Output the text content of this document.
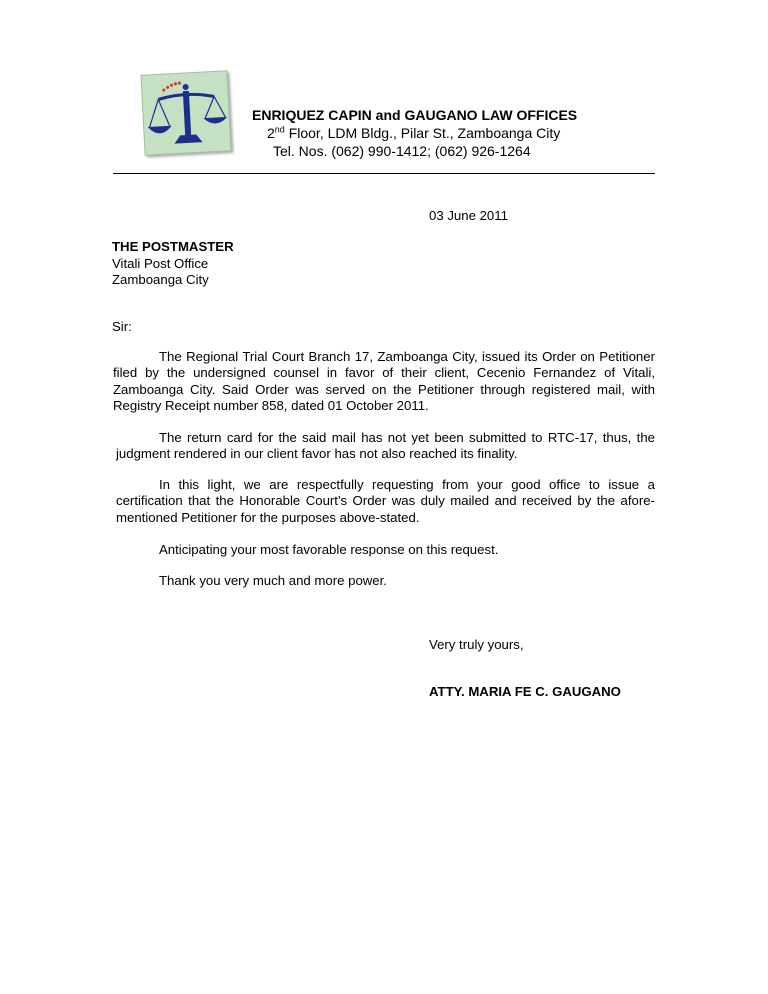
ENRIQUEZ CAPIN and GAUGANO LAW OFFICES
2nd Floor, LDM Bldg., Pilar St., Zamboanga City
Tel. Nos. (062) 990-1412; (062) 926-1264
03 June 2011
THE POSTMASTER
Vitali Post Office
Zamboanga City
Sir:

The Regional Trial Court Branch 17, Zamboanga City, issued its Order on Petitioner filed by the undersigned counsel in favor of their client, Cecenio Fernandez of Vitali, Zamboanga City. Said Order was served on the Petitioner through registered mail, with Registry Receipt number 858, dated 01 October 2011.

The return card for the said mail has not yet been submitted to RTC-17, thus, the judgment rendered in our client favor has not also reached its finality.

In this light, we are respectfully requesting from your good office to issue a certification that the Honorable Court's Order was duly mailed and received by the afore-mentioned Petitioner for the purposes above-stated.

Anticipating your most favorable response on this request.

Thank you very much and more power.

Very truly yours,
ATTY. MARIA FE C. GAUGANO
